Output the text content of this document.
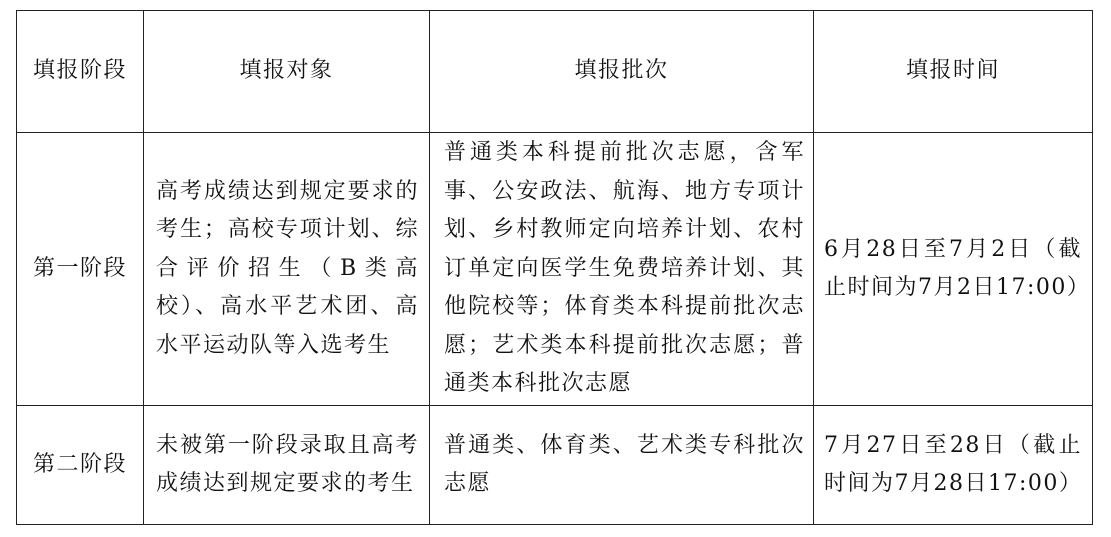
填报阶段	填报对象	填报批次	填报时间
第一阶段	高考成绩达到规定要求的考生；高校专项计划、综合评价招生（B类高校）、高水平艺术团、高水平运动队等入选考生	普通类本科提前批次志愿，含军事、公安政法、航海、地方专项计划、乡村教师定向培养计划、农村订单定向医学生免费培养计划、其他院校等；体育类本科提前批次志愿；艺术类本科提前批次志愿；普通类本科批次志愿	6月28日至7月2日（截止时间为7月2日17:00）
第二阶段	未被第一阶段录取且高考成绩达到规定要求的考生	普通类、体育类、艺术类专科批次志愿	7月27日至28日（截止时间为7月28日17:00）
